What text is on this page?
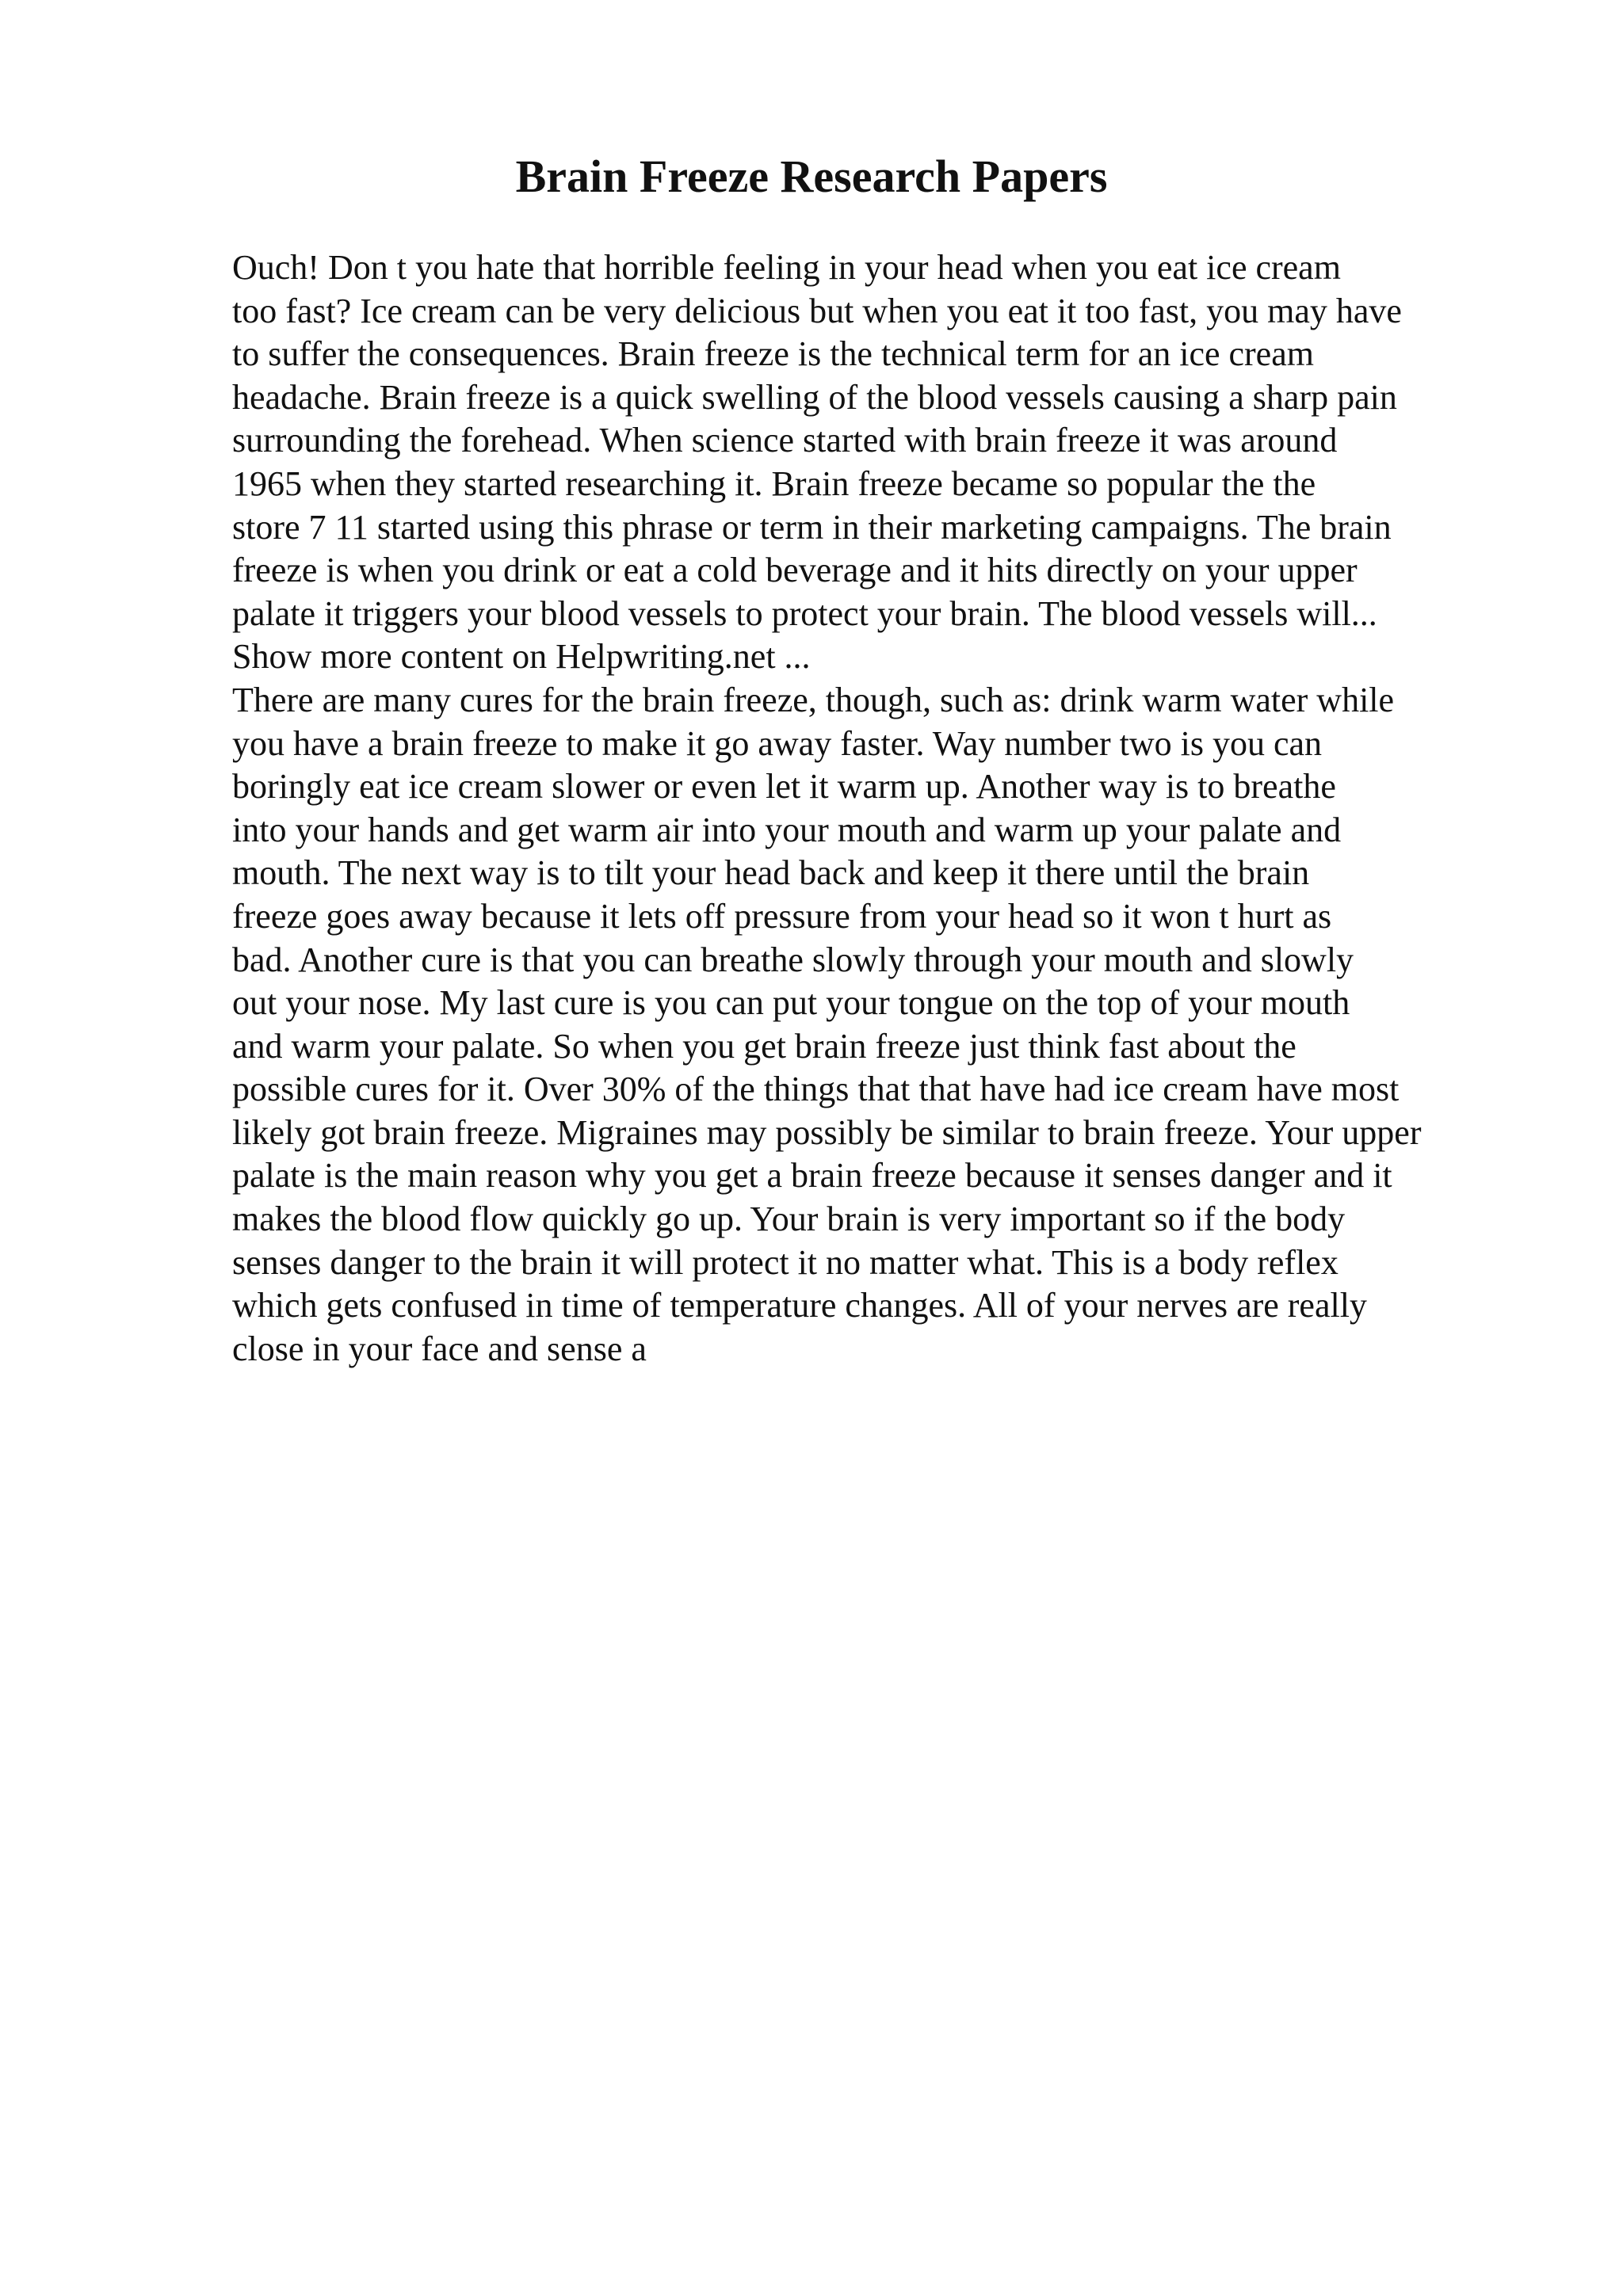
Brain Freeze Research Papers
Ouch! Don t you hate that horrible feeling in your head when you eat ice cream
too fast? Ice cream can be very delicious but when you eat it too fast, you may have
to suffer the consequences. Brain freeze is the technical term for an ice cream
headache. Brain freeze is a quick swelling of the blood vessels causing a sharp pain
surrounding the forehead. When science started with brain freeze it was around
1965 when they started researching it. Brain freeze became so popular the the
store 7 11 started using this phrase or term in their marketing campaigns. The brain
freeze is when you drink or eat a cold beverage and it hits directly on your upper
palate it triggers your blood vessels to protect your brain. The blood vessels will...
Show more content on Helpwriting.net ...
There are many cures for the brain freeze, though, such as: drink warm water while
you have a brain freeze to make it go away faster. Way number two is you can
boringly eat ice cream slower or even let it warm up. Another way is to breathe
into your hands and get warm air into your mouth and warm up your palate and
mouth. The next way is to tilt your head back and keep it there until the brain
freeze goes away because it lets off pressure from your head so it won t hurt as
bad. Another cure is that you can breathe slowly through your mouth and slowly
out your nose. My last cure is you can put your tongue on the top of your mouth
and warm your palate. So when you get brain freeze just think fast about the
possible cures for it. Over 30% of the things that that have had ice cream have most
likely got brain freeze. Migraines may possibly be similar to brain freeze. Your upper
palate is the main reason why you get a brain freeze because it senses danger and it
makes the blood flow quickly go up. Your brain is very important so if the body
senses danger to the brain it will protect it no matter what. This is a body reflex
which gets confused in time of temperature changes. All of your nerves are really
close in your face and sense a
